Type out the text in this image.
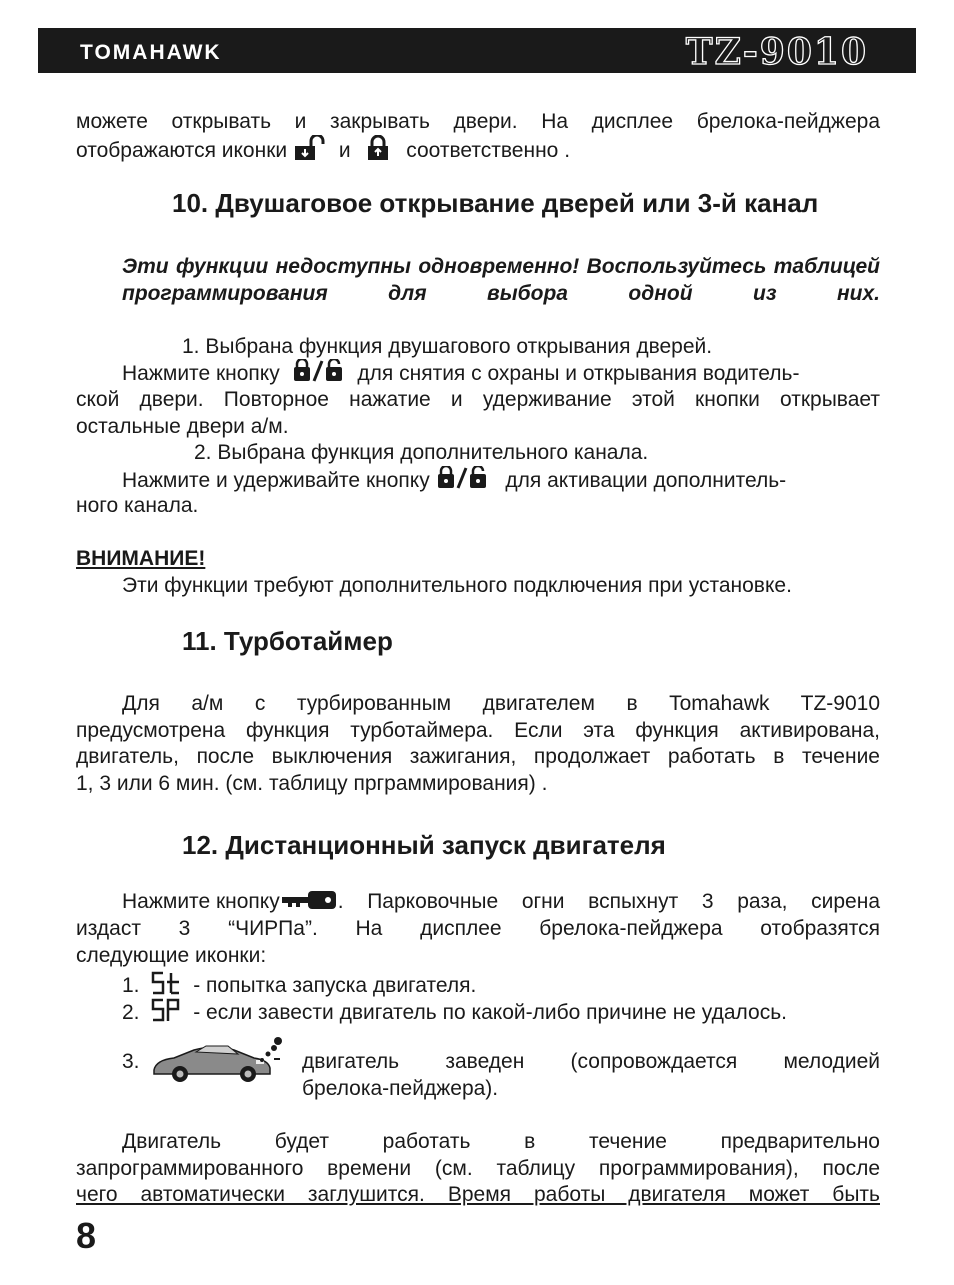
TOMAHAWK	TZ-9010
можете открывать и закрывать двери. На дисплее брелока-пейджера
отображаются иконки и	соответственно .
10. Двушаговое открывание дверей или 3-й канал
Эти функции недоступны одновременно! Воспользуйтесь таблицей программирования для выбора одной из них.
1. Выбрана функция двушагового открывания дверей.
Нажмите кнопку	для снятия с охраны и открывания водитель-
ской двери. Повторное нажатие и удерживание этой кнопки открывает
остальные двери а/м.
2. Выбрана функция дополнительного канала.
Нажмите и удерживайте кнопку	для активации дополнитель-
ного канала.
ВНИМАНИЕ!
Эти функции требуют дополнительного подключения при установке.
11. Турботаймер
Для а/м с турбированным двигателем в Tomahawk TZ-9010
предусмотрена функция турботаймера. Если эта функция активирована,
двигатель, после выключения зажигания, продолжает работать в течение
1, 3 или 6 мин. (см. таблицу прграммирования) .
12. Дистанционный запуск двигателя
Нажмите кнопку	. Парковочные огни вспыхнут 3 раза, сирена
издаст 3 “ЧИРПа”. На дисплее брелока-пейджера отобразятся
следующие иконки:
1.	- попытка запуска двигателя.
2.	- если завести двигатель по какой-либо причине не удалось.
3.	двигатель заведен (сопровождается мелодией
брелока-пейджера).
Двигатель будет работать в течение предварительно
запрограммированного времени (см. таблицу программирования), после
чего автоматически заглушится. Время работы двигателя может быть
8
